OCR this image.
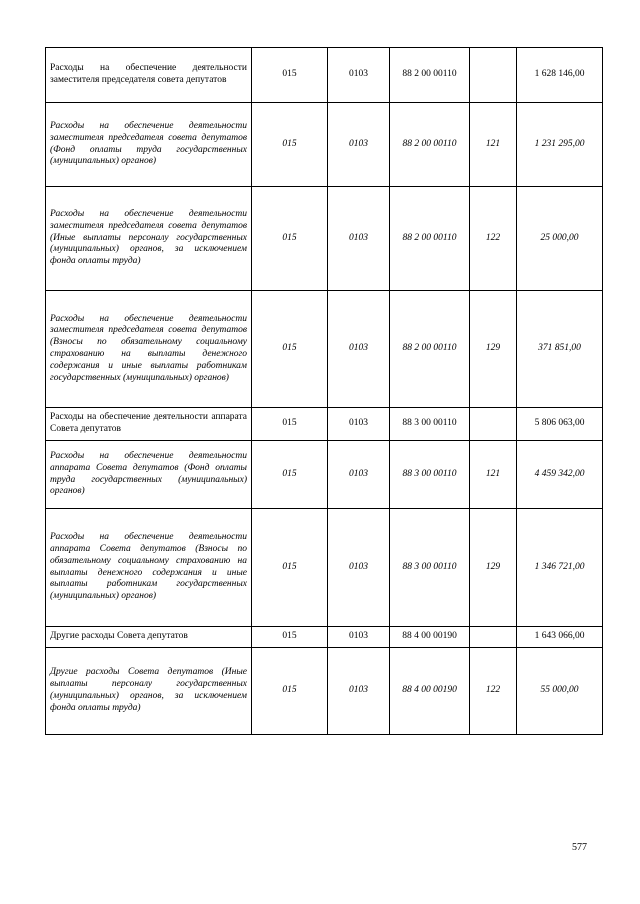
Расходы на обеспечение деятельности заместителя председателя совета депутатов	015	0103	88 2 00 00110		1 628 146,00
Расходы на обеспечение деятельности заместителя председателя совета депутатов (Фонд оплаты труда государственных (муниципальных) органов)	015	0103	88 2 00 00110	121	1 231 295,00
Расходы на обеспечение деятельности заместителя председателя совета депутатов (Иные выплаты персоналу государственных (муниципальных) органов, за исключением фонда оплаты труда)	015	0103	88 2 00 00110	122	25 000,00
Расходы на обеспечение деятельности заместителя председателя совета депутатов (Взносы по обязательному социальному страхованию на выплаты денежного содержания и иные выплаты работникам государственных (муниципальных) органов)	015	0103	88 2 00 00110	129	371 851,00
Расходы на обеспечение деятельности аппарата Совета депутатов	015	0103	88 3 00 00110		5 806 063,00
Расходы на обеспечение деятельности аппарата Совета депутатов (Фонд оплаты труда государственных (муниципальных) органов)	015	0103	88 3 00 00110	121	4 459 342,00
Расходы на обеспечение деятельности аппарата Совета депутатов (Взносы по обязательному социальному страхованию на выплаты денежного содержания и иные выплаты работникам государственных (муниципальных) органов)	015	0103	88 3 00 00110	129	1 346 721,00
Другие расходы Совета депутатов	015	0103	88 4 00 00190		1 643 066,00
Другие расходы Совета депутатов (Иные выплаты персоналу государственных (муниципальных) органов, за исключением фонда оплаты труда)	015	0103	88 4 00 00190	122	55 000,00
577
